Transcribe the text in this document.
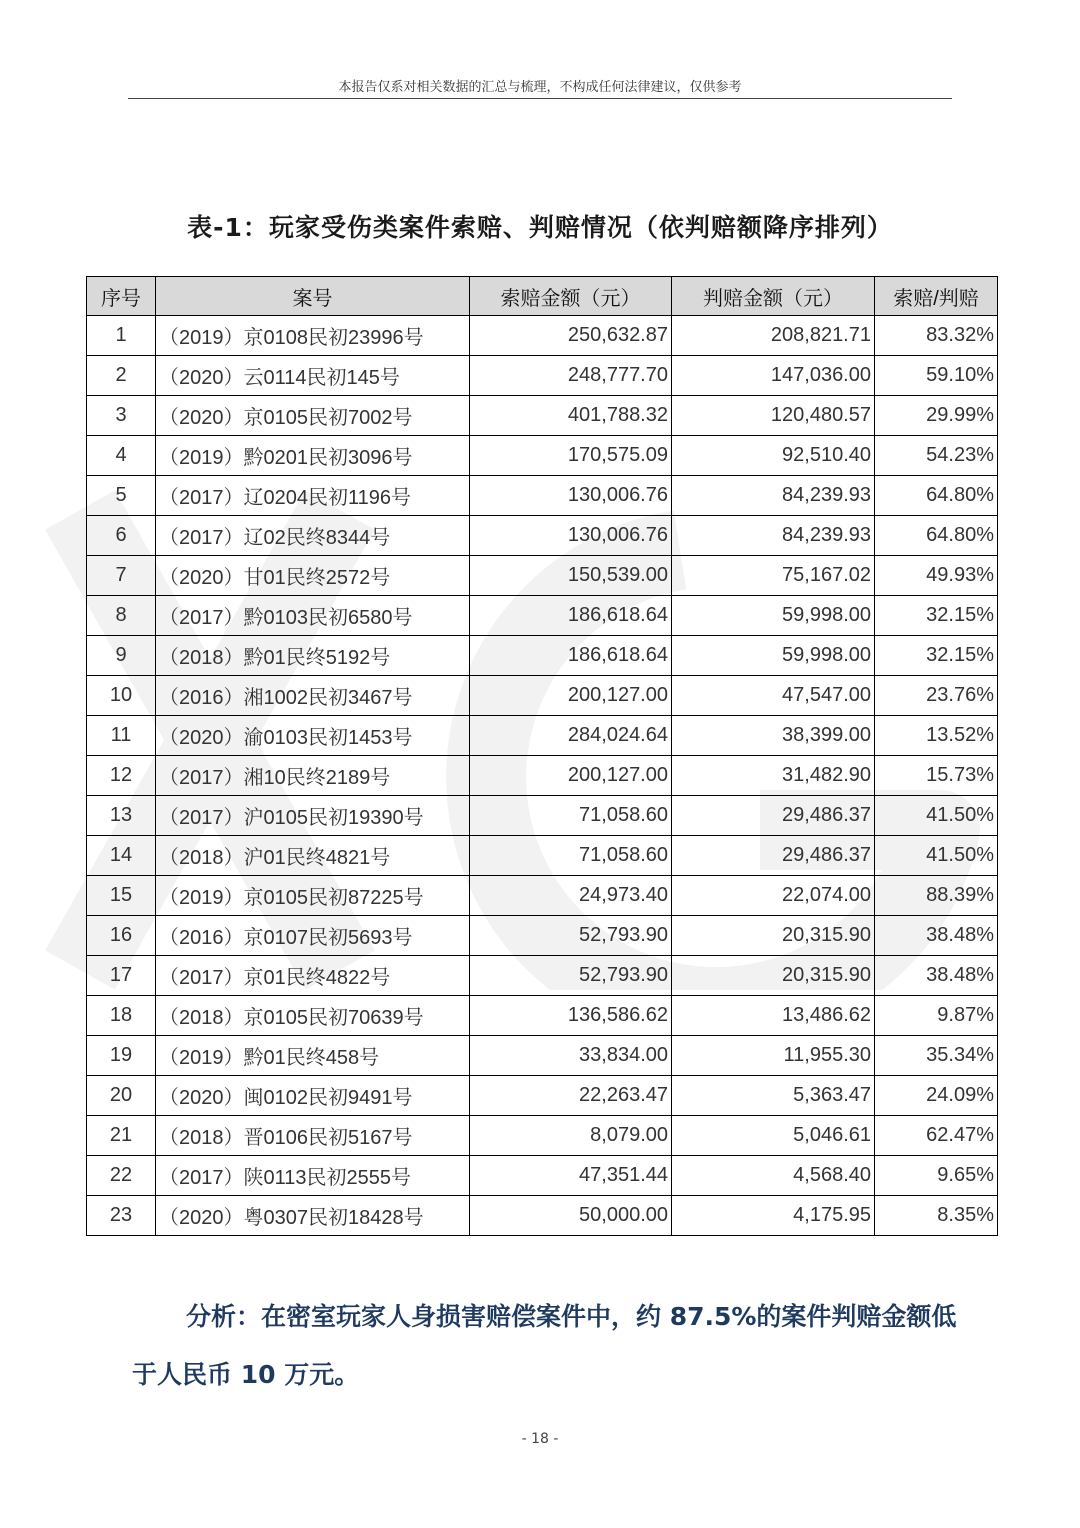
本报告仅系对相关数据的汇总与梳理，不构成任何法律建议，仅供参考
表-1：玩家受伤类案件索赔、判赔情况（依判赔额降序排列）
序号	案号	索赔金额（元）	判赔金额（元）	索赔/判赔
1	（2019）京0108民初23996号	250,632.87	208,821.71	83.32%
2	（2020）云0114民初145号	248,777.70	147,036.00	59.10%
3	（2020）京0105民初7002号	401,788.32	120,480.57	29.99%
4	（2019）黔0201民初3096号	170,575.09	92,510.40	54.23%
5	（2017）辽0204民初1196号	130,006.76	84,239.93	64.80%
6	（2017）辽02民终8344号	130,006.76	84,239.93	64.80%
7	（2020）甘01民终2572号	150,539.00	75,167.02	49.93%
8	（2017）黔0103民初6580号	186,618.64	59,998.00	32.15%
9	（2018）黔01民终5192号	186,618.64	59,998.00	32.15%
10	（2016）湘1002民初3467号	200,127.00	47,547.00	23.76%
11	（2020）渝0103民初1453号	284,024.64	38,399.00	13.52%
12	（2017）湘10民终2189号	200,127.00	31,482.90	15.73%
13	（2017）沪0105民初19390号	71,058.60	29,486.37	41.50%
14	（2018）沪01民终4821号	71,058.60	29,486.37	41.50%
15	（2019）京0105民初87225号	24,973.40	22,074.00	88.39%
16	（2016）京0107民初5693号	52,793.90	20,315.90	38.48%
17	（2017）京01民终4822号	52,793.90	20,315.90	38.48%
18	（2018）京0105民初70639号	136,586.62	13,486.62	9.87%
19	（2019）黔01民终458号	33,834.00	11,955.30	35.34%
20	（2020）闽0102民初9491号	22,263.47	5,363.47	24.09%
21	（2018）晋0106民初5167号	8,079.00	5,046.61	62.47%
22	（2017）陕0113民初2555号	47,351.44	4,568.40	9.65%
23	（2020）粤0307民初18428号	50,000.00	4,175.95	8.35%
分析：在密室玩家人身损害赔偿案件中，约 87.5%的案件判赔金额低于人民币 10 万元。
- 18 -
